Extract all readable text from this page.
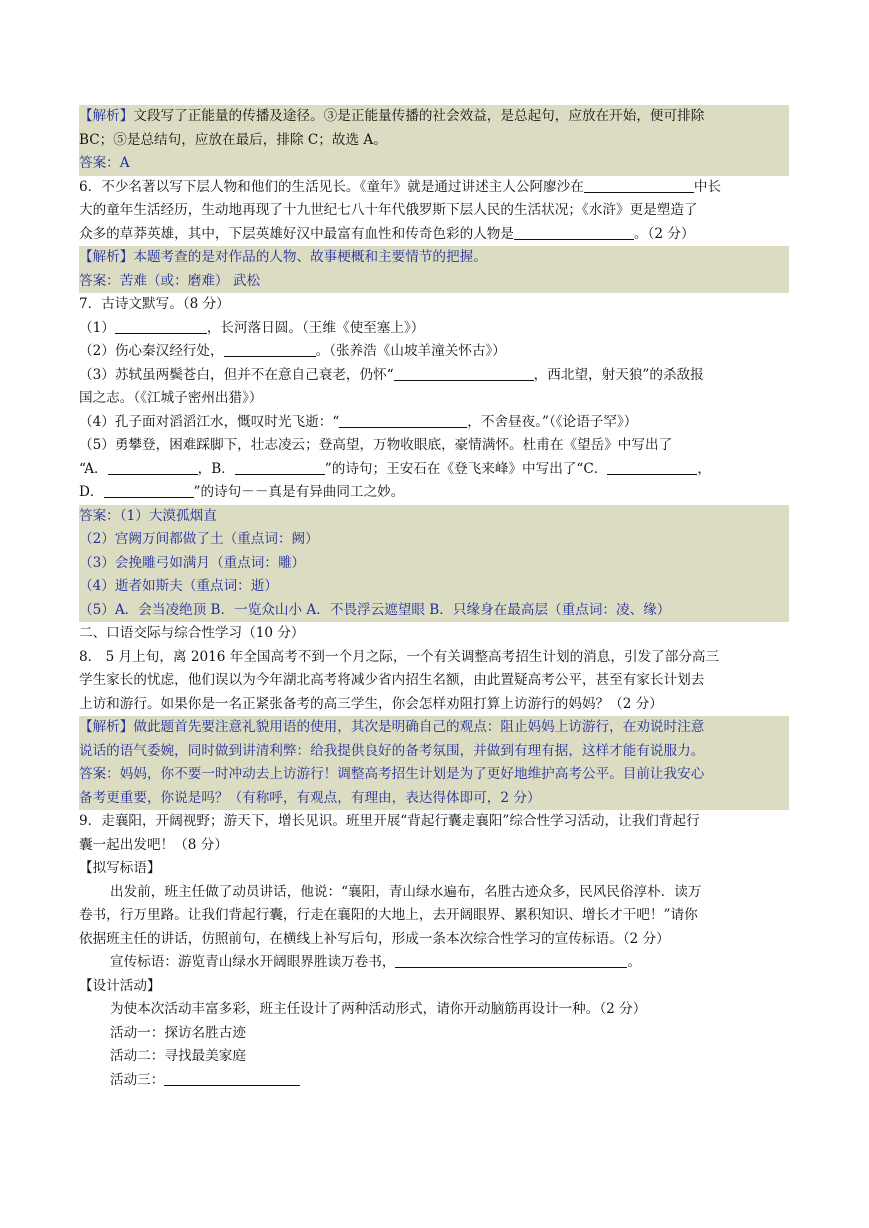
【解析】文段写了正能量的传播及途径。③是正能量传播的社会效益，是总起句，应放在开始，便可排除
BC；⑤是总结句，应放在最后，排除 C；故选 A。
答案：A
6．不少名著以写下层人物和他们的生活见长。《童年》就是通过讲述主人公阿廖沙在	中长
大的童年生活经历，生动地再现了十九世纪七八十年代俄罗斯下层人民的生活状况；《水浒》更是塑造了
众多的草莽英雄，其中，下层英雄好汉中最富有血性和传奇色彩的人物是	。（2 分）
【解析】本题考查的是对作品的人物、故事梗概和主要情节的把握。
答案：苦难（或：磨难） 武松
7．古诗文默写。（8 分）
（1）	，长河落日圆。（王维《使至塞上》）
（2）伤心秦汉经行处，	。（张养浩《山坡羊潼关怀古》）
（3）苏轼虽两鬓苍白，但并不在意自己衰老，仍怀“	，西北望，射天狼”的杀敌报
国之志。（《江城子密州出猎》）
（4）孔子面对滔滔江水，慨叹时光飞逝：“	，不舍昼夜。”（《论语子罕》）
（5）勇攀登，困难踩脚下，壮志凌云；登高望，万物收眼底，豪情满怀。杜甫在《望岳》中写出了
“A．	，B．	”的诗句；王安石在《登飞来峰》中写出了“C．	，
D．	”的诗句－－真是有异曲同工之妙。
答案：（1）大漠孤烟直
（2）宫阙万间都做了土（重点词：阙）
（3）会挽雕弓如满月（重点词：雕）
（4）逝者如斯夫（重点词：逝）
（5）A．会当凌绝顶 B．一览众山小 A．不畏浮云遮望眼 B．只缘身在最高层（重点词：凌、缘）
二、口语交际与综合性学习（10 分）
8． 5 月上旬，离 2016 年全国高考不到一个月之际，一个有关调整高考招生计划的消息，引发了部分高三
学生家长的忧虑，他们误以为今年湖北高考将减少省内招生名额，由此置疑高考公平，甚至有家长计划去
上访和游行。如果你是一名正紧张备考的高三学生，你会怎样劝阻打算上访游行的妈妈？（2 分）
【解析】做此题首先要注意礼貌用语的使用，其次是明确自己的观点：阻止妈妈上访游行，在劝说时注意
说话的语气委婉，同时做到讲清利弊：给我提供良好的备考氛围，并做到有理有据，这样才能有说服力。
答案：妈妈，你不要一时冲动去上访游行！调整高考招生计划是为了更好地维护高考公平。目前让我安心
备考更重要，你说是吗？（有称呼，有观点，有理由，表达得体即可，2 分）
9．走襄阳，开阔视野；游天下，增长见识。班里开展“背起行囊走襄阳”综合性学习活动，让我们背起行
囊一起出发吧！（8 分）
【拟写标语】
出发前，班主任做了动员讲话，他说：“襄阳，青山绿水遍布，名胜古迹众多，民风民俗淳朴．读万
卷书，行万里路。让我们背起行囊，行走在襄阳的大地上，去开阔眼界、累积知识、增长才干吧！”请你
依据班主任的讲话，仿照前句，在横线上补写后句，形成一条本次综合性学习的宣传标语。（2 分）
宣传标语：游览青山绿水开阔眼界胜读万卷书，	。
【设计活动】
为使本次活动丰富多彩，班主任设计了两种活动形式，请你开动脑筋再设计一种。（2 分）
活动一：探访名胜古迹
活动二：寻找最美家庭
活动三：
